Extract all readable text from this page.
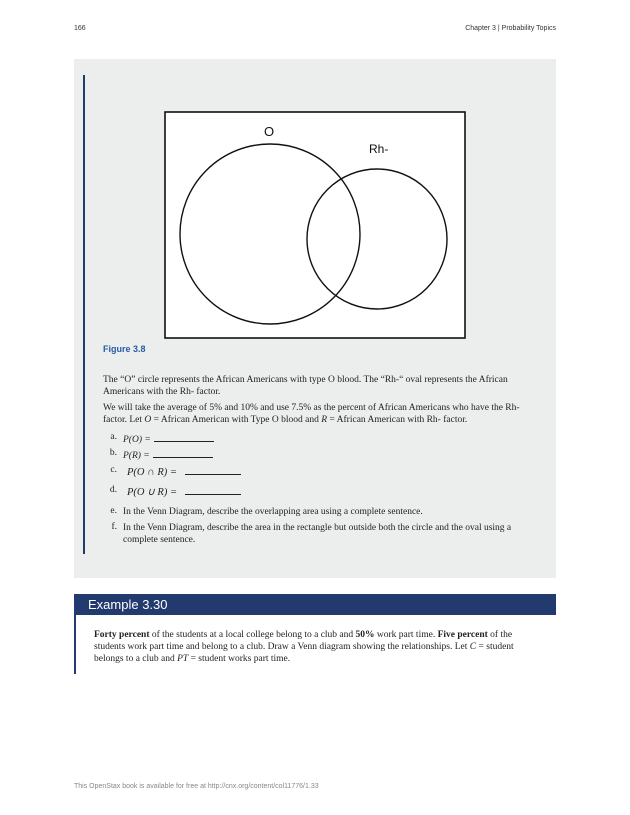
166	Chapter 3 | Probability Topics
O
Rh-
Figure 3.8
The “O” circle represents the African Americans with type O blood. The “Rh-“ oval represents the African Americans with the Rh- factor.
We will take the average of 5% and 10% and use 7.5% as the percent of African Americans who have the Rh- factor. Let O = African American with Type O blood and R = African American with Rh- factor.
a. P(O) =
b. P(R) =
c. P(O ∩ R) =
d. P(O ∪ R) =
e. In the Venn Diagram, describe the overlapping area using a complete sentence.
f. In the Venn Diagram, describe the area in the rectangle but outside both the circle and the oval using a complete sentence.
Example 3.30
Forty percent of the students at a local college belong to a club and 50% work part time. Five percent of the students work part time and belong to a club. Draw a Venn diagram showing the relationships. Let C = student belongs to a club and PT = student works part time.
This OpenStax book is available for free at http://cnx.org/content/col11776/1.33
